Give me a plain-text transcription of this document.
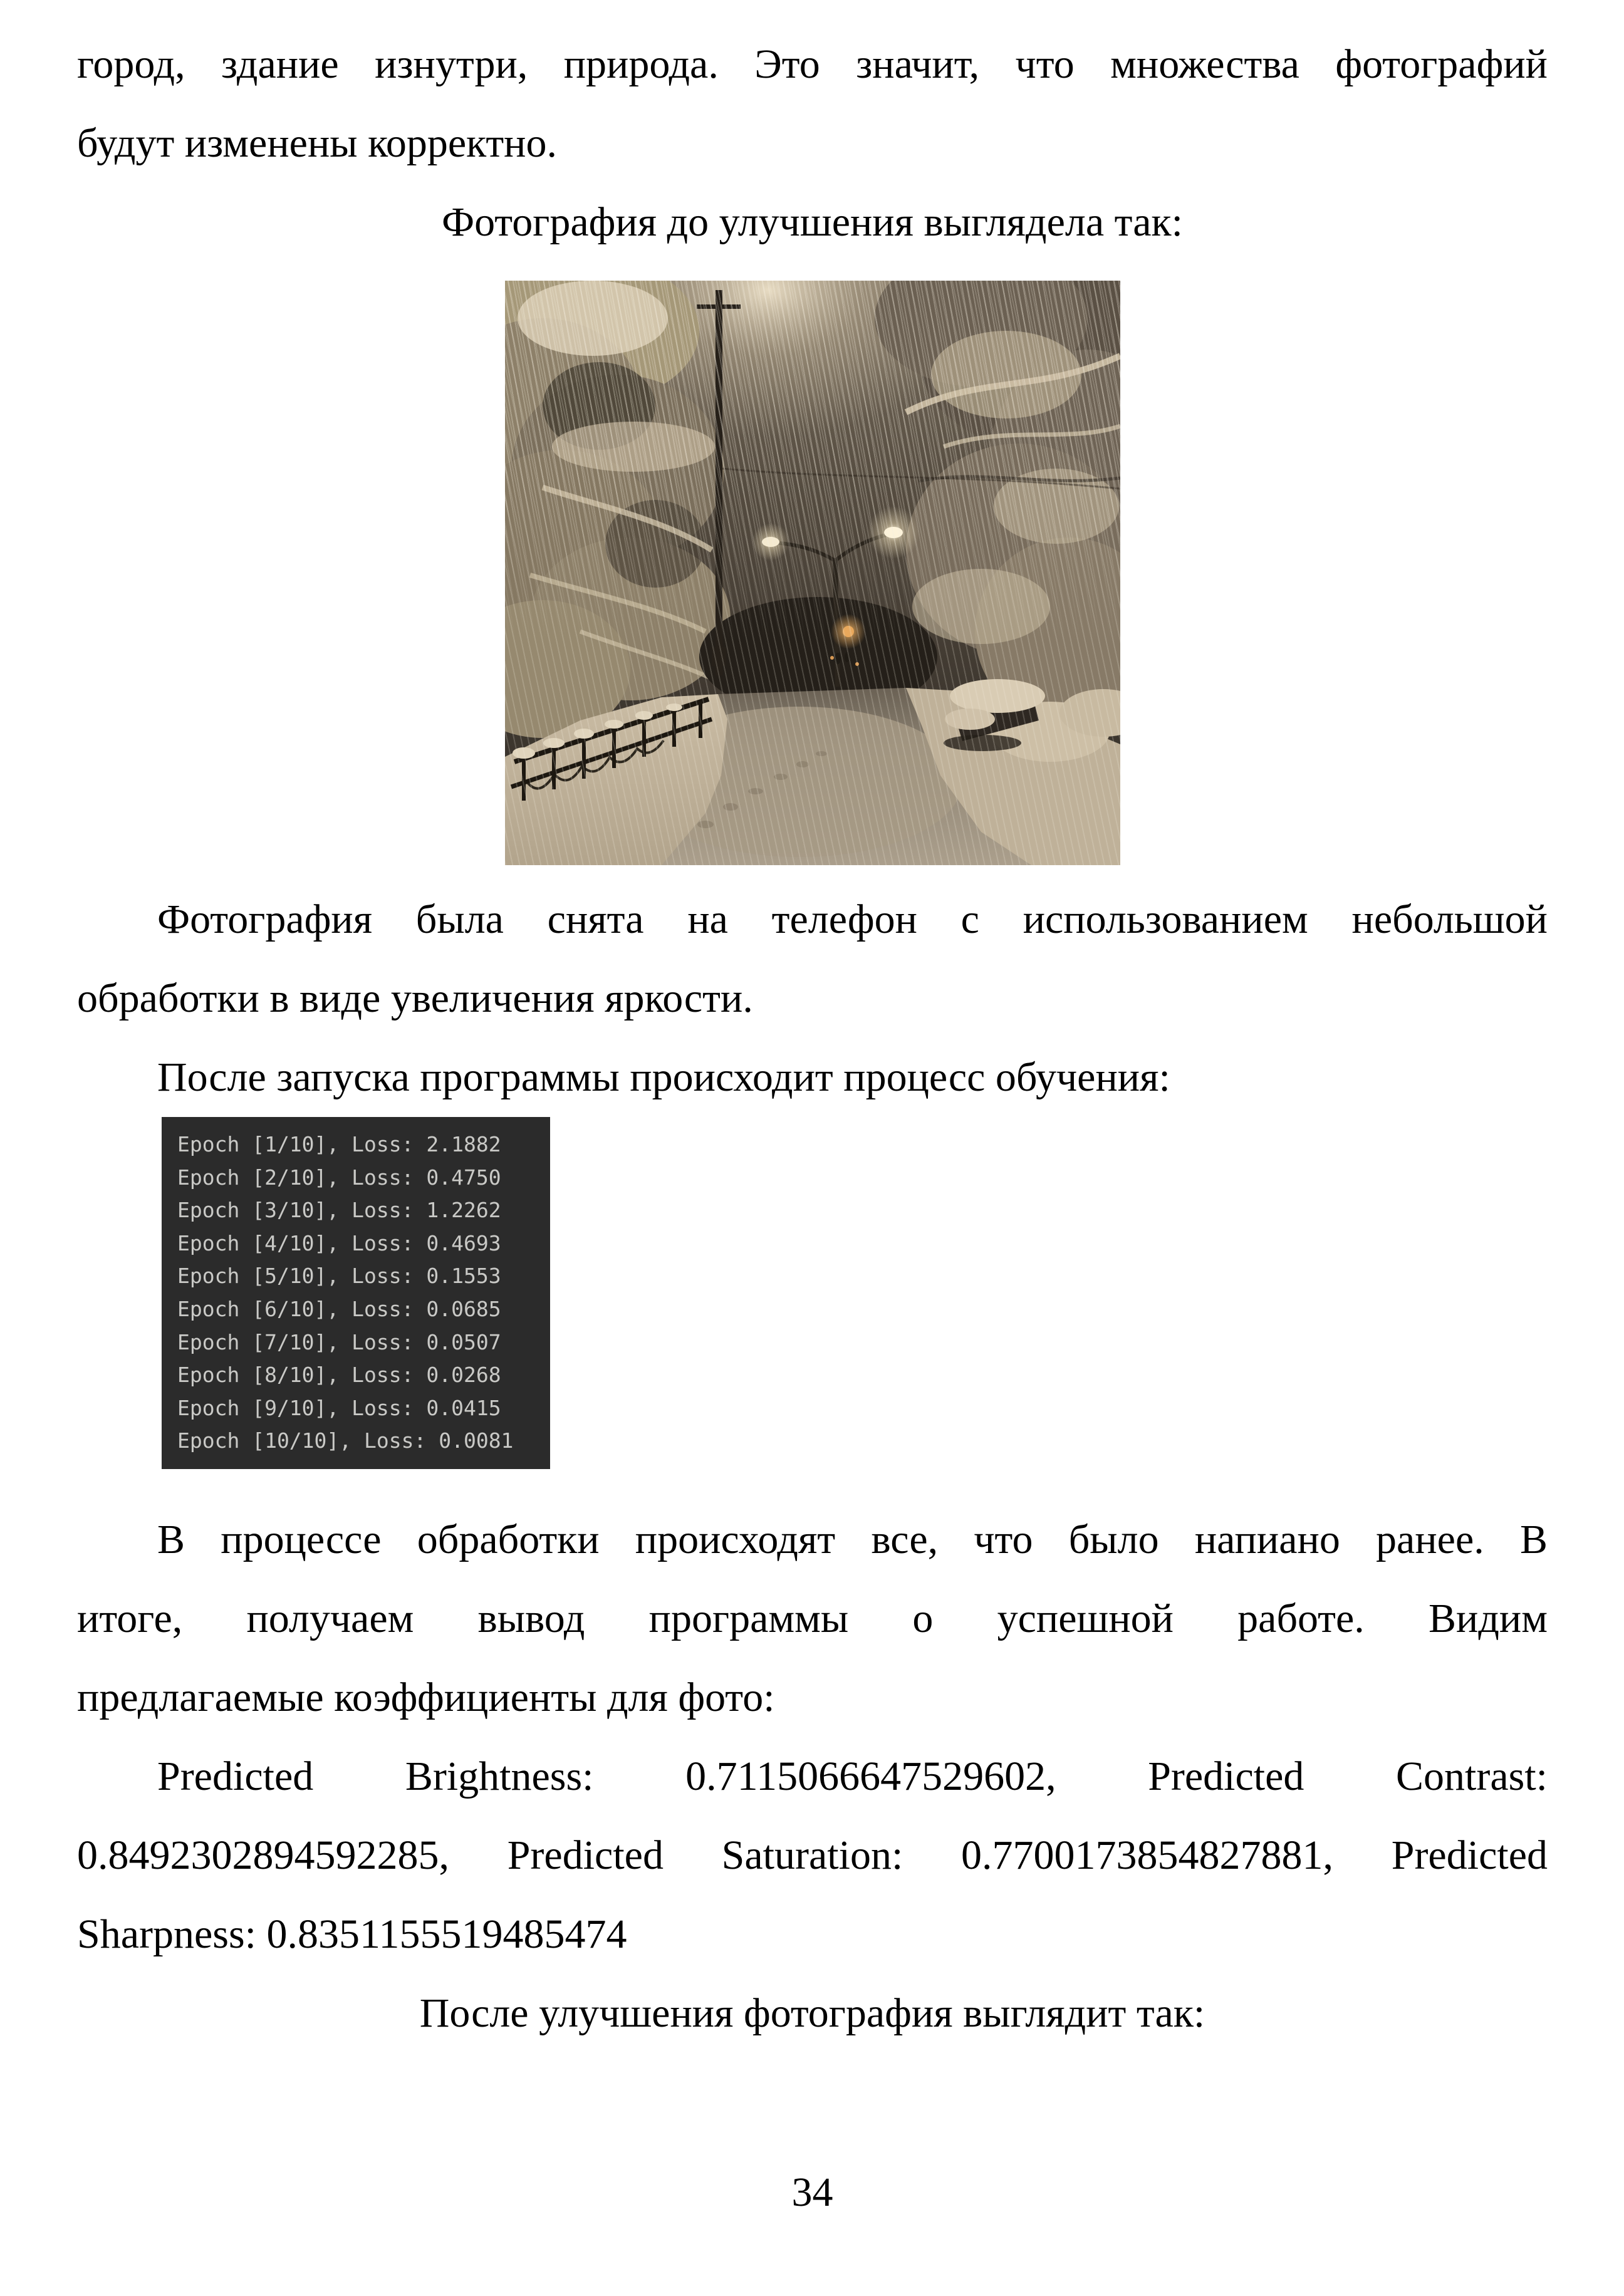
город, здание изнутри, природа. Это значит, что множества фотографий
будут изменены корректно.
Фотография до улучшения выглядела так:
Фотография была снята на телефон с использованием небольшой
обработки в виде увеличения яркости.
После запуска программы происходит процесс обучения:
Epoch [1/10], Loss: 2.1882
Epoch [2/10], Loss: 0.4750
Epoch [3/10], Loss: 1.2262
Epoch [4/10], Loss: 0.4693
Epoch [5/10], Loss: 0.1553
Epoch [6/10], Loss: 0.0685
Epoch [7/10], Loss: 0.0507
Epoch [8/10], Loss: 0.0268
Epoch [9/10], Loss: 0.0415
Epoch [10/10], Loss: 0.0081
В процессе обработки происходят все, что было напиано ранее. В
итоге, получаем вывод программы о успешной работе. Видим
предлагаемые коэффициенты для фото:
Predicted Brightness: 0.7115066647529602, Predicted Contrast:
0.8492302894592285, Predicted Saturation: 0.7700173854827881, Predicted
Sharpness: 0.8351155519485474
После улучшения фотография выглядит так:
34
